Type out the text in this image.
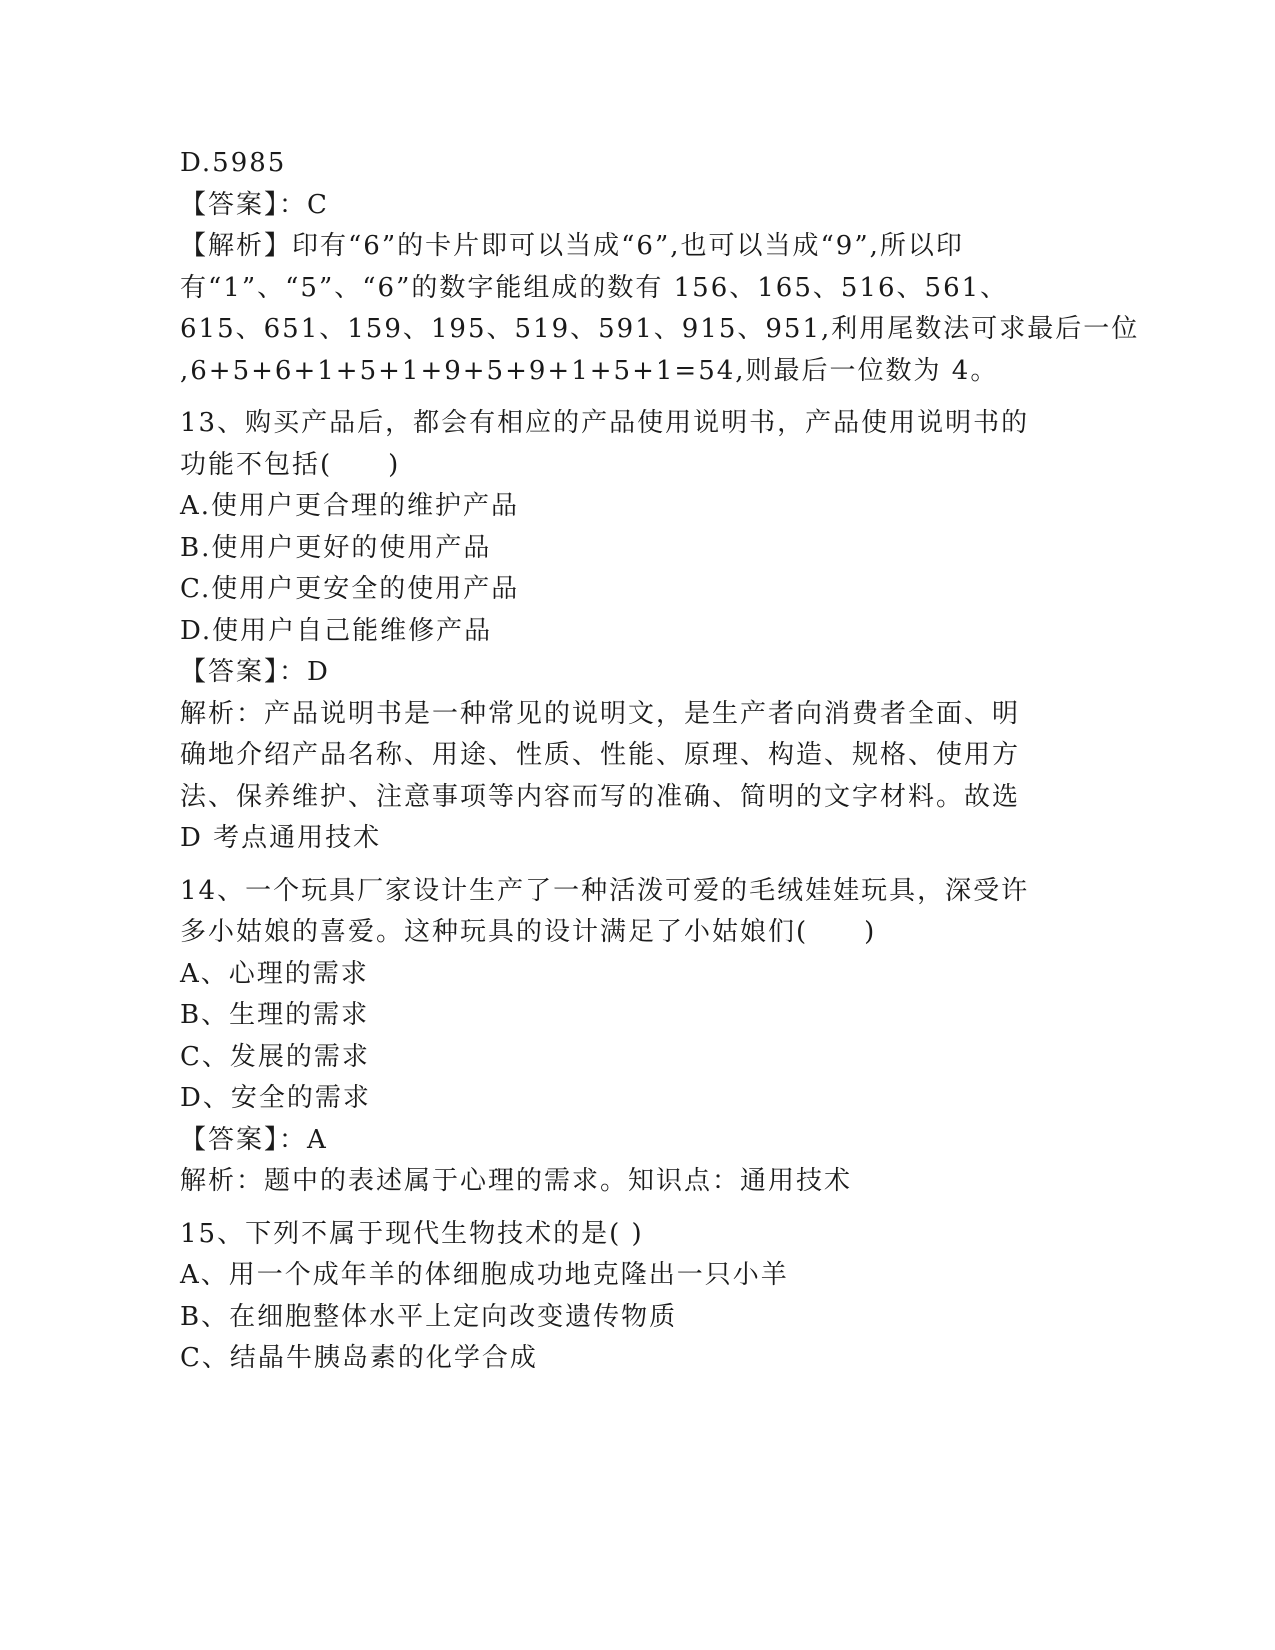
D.5985
【答案】：C
【解析】印有“6”的卡片即可以当成“6”,也可以当成“9”,所以印
有“1”、“5”、“6”的数字能组成的数有 156、165、516、561、
615、651、159、195、519、591、915、951,利用尾数法可求最后一位
,6+5+6+1+5+1+9+5+9+1+5+1=54,则最后一位数为 4。
13、购买产品后，都会有相应的产品使用说明书，产品使用说明书的
功能不包括(　　)
A.使用户更合理的维护产品
B.使用户更好的使用产品
C.使用户更安全的使用产品
D.使用户自己能维修产品
【答案】：D
解析：产品说明书是一种常见的说明文，是生产者向消费者全面、明
确地介绍产品名称、用途、性质、性能、原理、构造、规格、使用方
法、保养维护、注意事项等内容而写的准确、简明的文字材料。故选
D 考点通用技术
14、一个玩具厂家设计生产了一种活泼可爱的毛绒娃娃玩具，深受许
多小姑娘的喜爱。这种玩具的设计满足了小姑娘们(　　)
A、心理的需求
B、生理的需求
C、发展的需求
D、安全的需求
【答案】：A
解析：题中的表述属于心理的需求。知识点：通用技术
15、下列不属于现代生物技术的是( )
A、用一个成年羊的体细胞成功地克隆出一只小羊
B、在细胞整体水平上定向改变遗传物质
C、结晶牛胰岛素的化学合成
